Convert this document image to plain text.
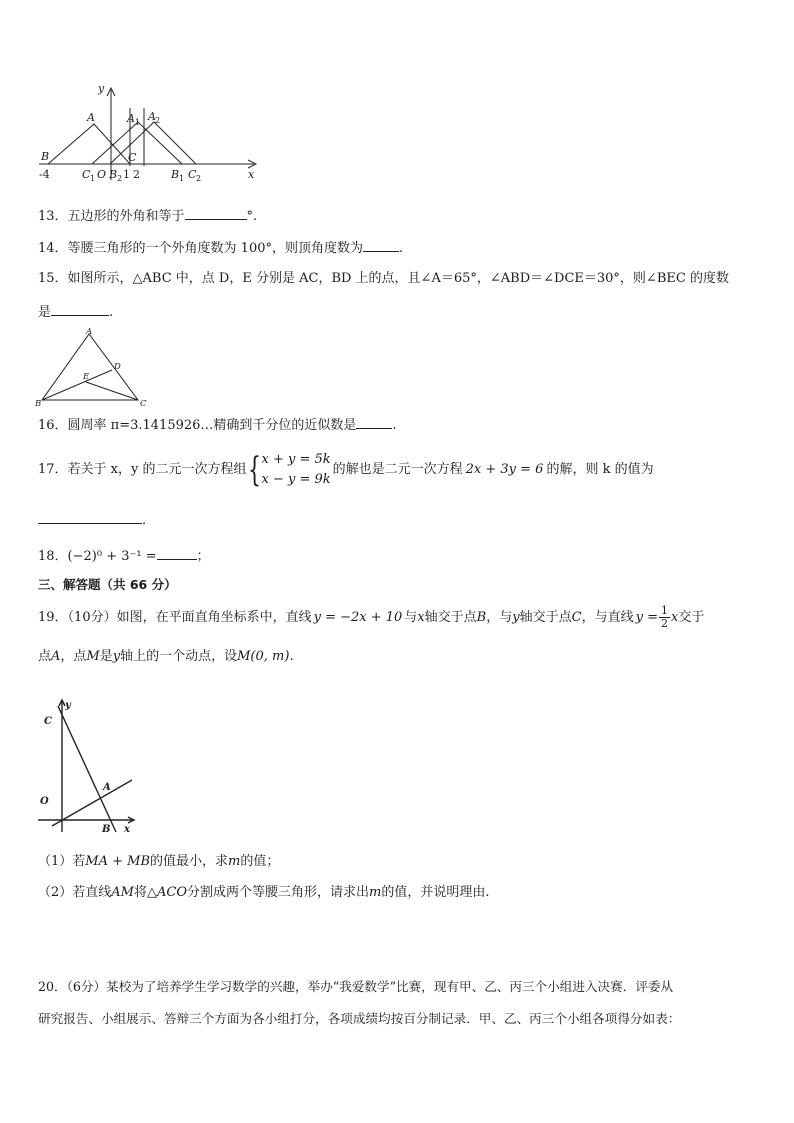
y
x
A	A 1 A 2
B	C
-4	C 1 O B 2 1 2	B 1 C 2
13．五边形的外角和等于	°.
14．等腰三角形的一个外角度数为 100°，则顶角度数为	.
15．如图所示，△ABC 中，点 D，E 分别是 AC，BD 上的点，且∠A＝65°，∠ABD＝∠DCE＝30°，则∠BEC 的度数
是	.
A
D
E
B	C
16．圆周率 π=3.1415926…精确到千分位的近似数是	.
17．若关于 x，y 的二元一次方程组 { x + y = 5k
x − y = 9k
的解也是二元一次方程 2x + 3y = 6 的解，则 k 的值为
.
18．(−2)⁰ + 3⁻¹ =	；
三、解答题（共 66 分）
19．（10分）如图，在平面直角坐标系中，直线 y = −2x + 10 与x轴交于点B，与y轴交于点C，与直线 $y = \frac{1}{2}$ x交于
点A，点M是y轴上的一个动点，设M(0, m).
y
C
O
A
B x
（1）若MA + MB的值最小，求m的值；
（2）若直线AM将△ACO分割成两个等腰三角形，请求出m的值，并说明理由.
20．（6分）某校为了培养学生学习数学的兴趣，举办“我爱数学”比赛，现有甲、乙、丙三个小组进入决赛．评委从
研究报告、小组展示、答辩三个方面为各小组打分，各项成绩均按百分制记录．甲、乙、丙三个小组各项得分如表：
